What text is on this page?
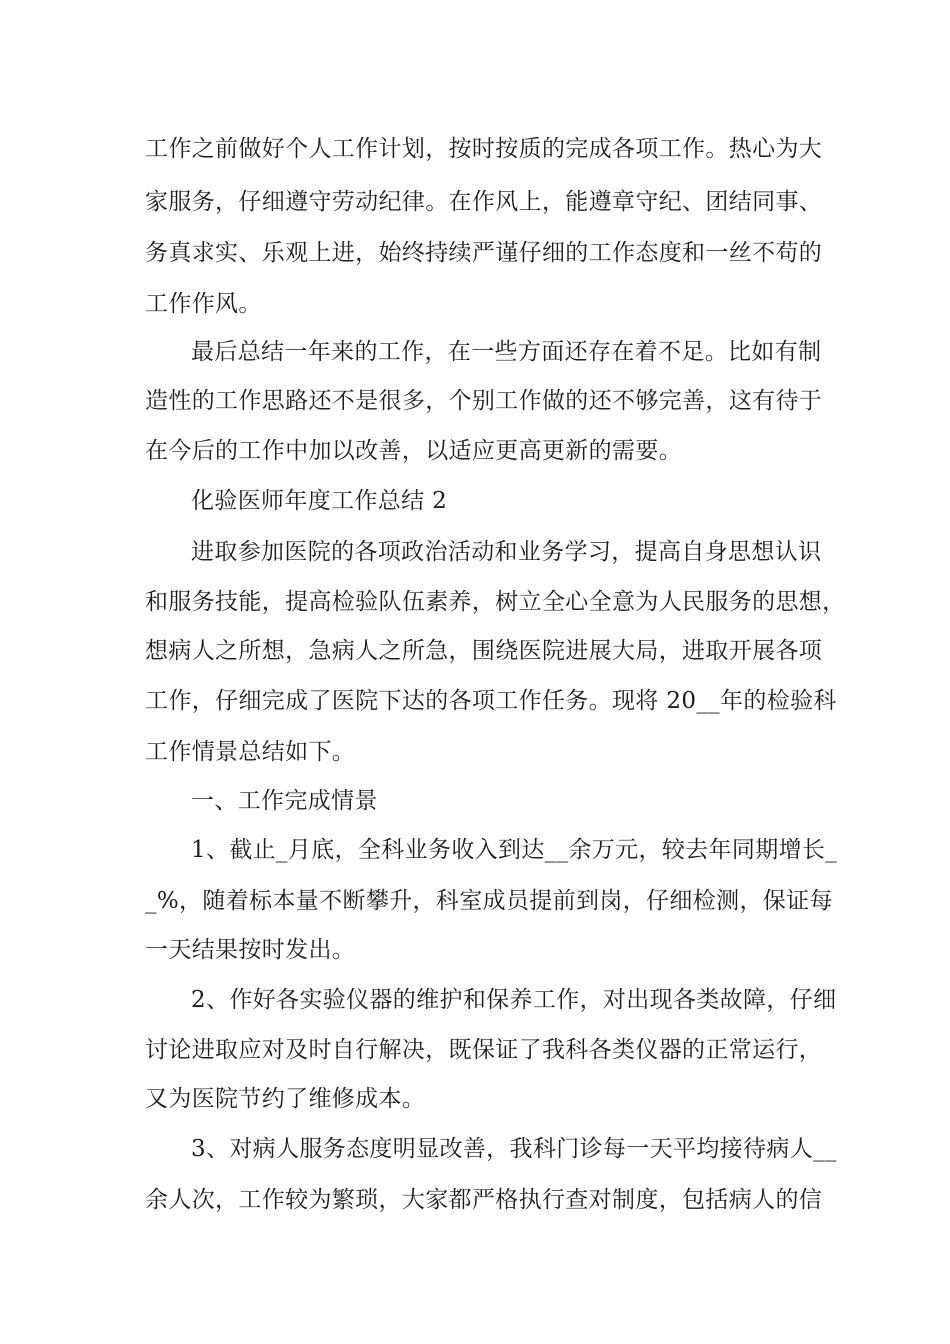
工作之前做好个人工作计划，按时按质的完成各项工作。热心为大
家服务，仔细遵守劳动纪律。在作风上，能遵章守纪、团结同事、
务真求实、乐观上进，始终持续严谨仔细的工作态度和一丝不苟的
工作作风。
最后总结一年来的工作，在一些方面还存在着不足。比如有制
造性的工作思路还不是很多，个别工作做的还不够完善，这有待于
在今后的工作中加以改善，以适应更高更新的需要。
化验医师年度工作总结 2
进取参加医院的各项政治活动和业务学习，提高自身思想认识
和服务技能，提高检验队伍素养，树立全心全意为人民服务的思想，
想病人之所想，急病人之所急，围绕医院进展大局，进取开展各项
工作，仔细完成了医院下达的各项工作任务。现将 20__年的检验科
工作情景总结如下。
一、工作完成情景
1、截止_月底，全科业务收入到达__余万元，较去年同期增长_
_%，随着标本量不断攀升，科室成员提前到岗，仔细检测，保证每
一天结果按时发出。
2、作好各实验仪器的维护和保养工作，对出现各类故障，仔细
讨论进取应对及时自行解决，既保证了我科各类仪器的正常运行，
又为医院节约了维修成本。
3、对病人服务态度明显改善，我科门诊每一天平均接待病人__
余人次，工作较为繁琐，大家都严格执行查对制度，包括病人的信
